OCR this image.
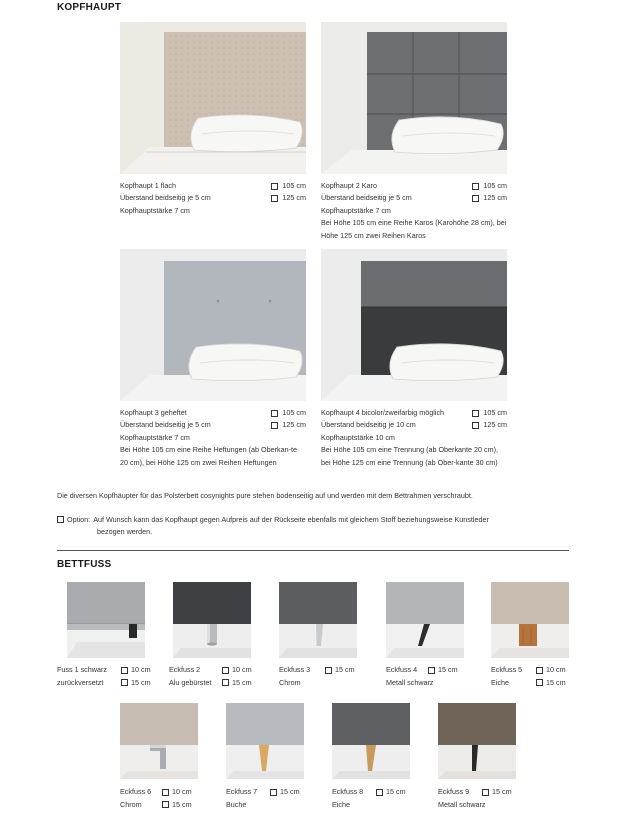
KOPFHAUPT
Kopfhaupt 1 flach	105 cm
Überstand beidseitig je 5 cm	125 cm
Kopfhauptstärke 7 cm
Kopfhaupt 2 Karo	105 cm
Überstand beidseitig je 5 cm	125 cm
Kopfhauptstärke 7 cm
Bei Höhe 105 cm eine Reihe Karos (Karohöhe 28 cm), bei Höhe 125 cm zwei Reihen Karos
Kopfhaupt 3 geheftet	105 cm
Überstand beidseitig je 5 cm	125 cm
Kopfhauptstärke 7 cm
Bei Höhe 105 cm eine Reihe Heftungen (ab Oberkan-te 20 cm), bei Höhe 125 cm zwei Reihen Heftungen
Kopfhaupt 4 bicolor/zweifarbig möglich	105 cm
Überstand beidseitig je 10 cm	125 cm
Kopfhauptstärke 10 cm
Bei Höhe 105 cm eine Trennung (ab Oberkante 20 cm), bei Höhe 125 cm eine Trennung (ab Ober-kante 30 cm)
Die diversen Kopfhäupter für das Polsterbett cosynights pure stehen bodenseitig auf und werden mit dem Bettrahmen verschraubt.
Option: Auf Wunsch kann das Kopfhaupt gegen Aufpreis auf der Rückseite ebenfalls mit gleichem Stoff beziehungsweise Kunstleder
bezogen werden.
BETTFUSS
Fuss 1 schwarz	10 cm
zurückversetzt	15 cm
Eckfuss 2	10 cm
Alu gebürstet	15 cm
Eckfuss 3	15 cm
Chrom
Eckfuss 4	15 cm
Metall schwarz
Eckfuss 5	10 cm
Eiche	15 cm
Eckfuss 6	10 cm
Chrom	15 cm
Eckfuss 7	15 cm
Buche
Eckfuss 8	15 cm
Eiche
Eckfuss 9	15 cm
Metall schwarz
